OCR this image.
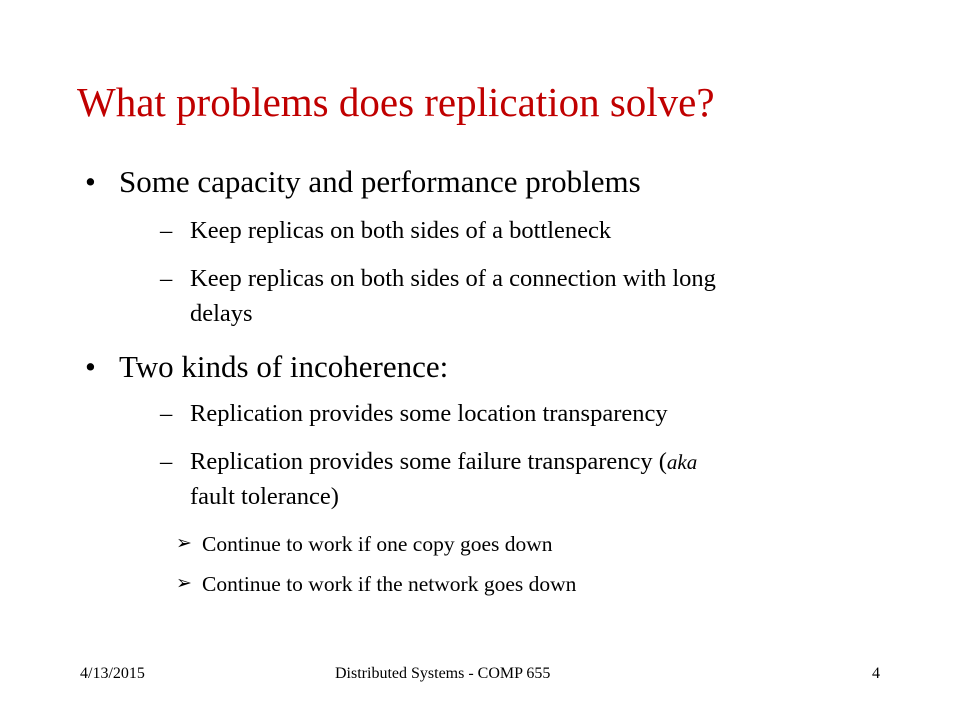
What problems does replication solve?
• Some capacity and performance problems
– Keep replicas on both sides of a bottleneck
– Keep replicas on both sides of a connection with long
delays
• Two kinds of incoherence:
– Replication provides some location transparency
– Replication provides some failure transparency (aka
fault tolerance)
➢ Continue to work if one copy goes down
➢ Continue to work if the network goes down
4/13/2015	Distributed Systems - COMP 655	4
